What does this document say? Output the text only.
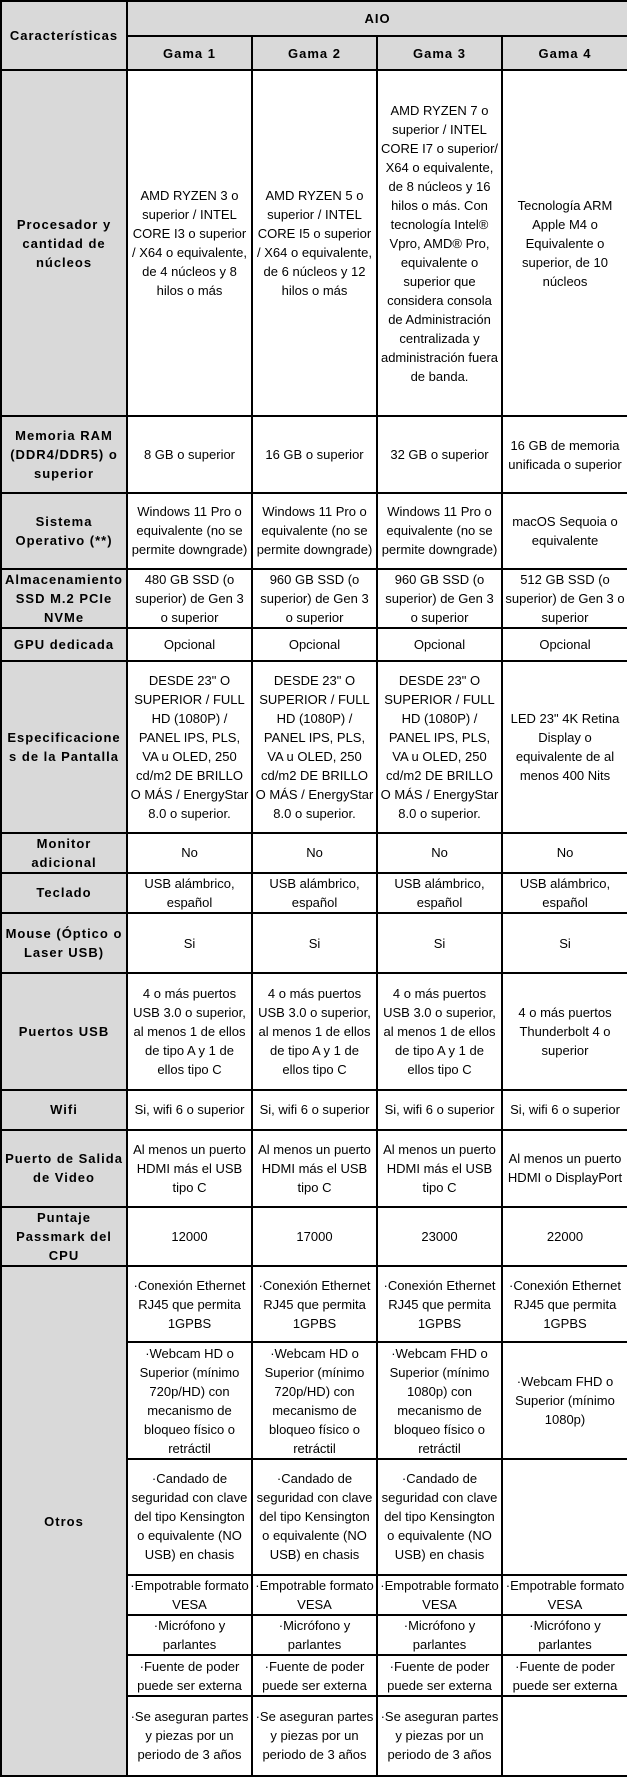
Características	AIO			
	Gama 1	Gama 2	Gama 3	Gama 4
Procesador y cantidad de núcleos	AMD RYZEN 3 o superior / INTEL CORE I3 o superior / X64 o equivalente, de 4 núcleos y 8 hilos o más	AMD RYZEN 5 o superior / INTEL CORE I5 o superior / X64 o equivalente, de 6 núcleos y 12 hilos o más	AMD RYZEN 7 o superior / INTEL CORE I7 o superior/ X64 o equivalente, de 8 núcleos y 16 hilos o más. Con tecnología Intel® Vpro, AMD® Pro, equivalente o superior que considera consola de Administración centralizada y administración fuera de banda.	Tecnología ARM Apple M4 o Equivalente o superior, de 10 núcleos
Memoria RAM (DDR4/DDR5) o superior	8 GB o superior	16 GB o superior	32 GB o superior	16 GB de memoria unificada o superior
Sistema Operativo (**)	Windows 11 Pro o equivalente (no se permite downgrade)	Windows 11 Pro o equivalente (no se permite downgrade)	Windows 11 Pro o equivalente (no se permite downgrade)	macOS Sequoia o equivalente
Almacenamiento SSD M.2 PCIe NVMe	480 GB SSD (o superior) de Gen 3 o superior	960 GB SSD (o superior) de Gen 3 o superior	960 GB SSD (o superior) de Gen 3 o superior	512 GB SSD (o superior) de Gen 3 o superior
GPU dedicada	Opcional	Opcional	Opcional	Opcional
Especificaciones de la Pantalla	DESDE 23" O SUPERIOR / FULL HD (1080P) / PANEL IPS, PLS, VA u OLED, 250 cd/m2 DE BRILLO O MÁS / EnergyStar 8.0 o superior.	DESDE 23" O SUPERIOR / FULL HD (1080P) / PANEL IPS, PLS, VA u OLED, 250 cd/m2 DE BRILLO O MÁS / EnergyStar 8.0 o superior.	DESDE 23" O SUPERIOR / FULL HD (1080P) / PANEL IPS, PLS, VA u OLED, 250 cd/m2 DE BRILLO O MÁS / EnergyStar 8.0 o superior.	LED 23" 4K Retina Display o equivalente de al menos 400 Nits
Monitor adicional	No	No	No	No
Teclado	USB alámbrico, español	USB alámbrico, español	USB alámbrico, español	USB alámbrico, español
Mouse (Óptico o Laser USB)	Si	Si	Si	Si
Puertos USB	4 o más puertos USB 3.0 o superior, al menos 1 de ellos de tipo A y 1 de ellos tipo C	4 o más puertos USB 3.0 o superior, al menos 1 de ellos de tipo A y 1 de ellos tipo C	4 o más puertos USB 3.0 o superior, al menos 1 de ellos de tipo A y 1 de ellos tipo C	4 o más puertos Thunderbolt 4 o superior
Wifi	Si, wifi 6 o superior	Si, wifi 6 o superior	Si, wifi 6 o superior	Si, wifi 6 o superior
Puerto de Salida de Video	Al menos un puerto HDMI más el USB tipo C	Al menos un puerto HDMI más el USB tipo C	Al menos un puerto HDMI más el USB tipo C	Al menos un puerto HDMI o DisplayPort
Puntaje Passmark del CPU	12000	17000	23000	22000
Otros	·Conexión Ethernet RJ45 que permita 1GPBS	·Conexión Ethernet RJ45 que permita 1GPBS	·Conexión Ethernet RJ45 que permita 1GPBS	·Conexión Ethernet RJ45 que permita 1GPBS
	·Webcam HD o Superior (mínimo 720p/HD) con mecanismo de bloqueo físico o retráctil	·Webcam HD o Superior (mínimo 720p/HD) con mecanismo de bloqueo físico o retráctil	·Webcam FHD o Superior (mínimo 1080p) con mecanismo de bloqueo físico o retráctil	·Webcam FHD o Superior (mínimo 1080p)
	·Candado de seguridad con clave del tipo Kensington o equivalente (NO USB) en chasis	·Candado de seguridad con clave del tipo Kensington o equivalente (NO USB) en chasis	·Candado de seguridad con clave del tipo Kensington o equivalente (NO USB) en chasis	
	·Empotrable formato VESA	·Empotrable formato VESA	·Empotrable formato VESA	·Empotrable formato VESA
	·Micrófono y parlantes	·Micrófono y parlantes	·Micrófono y parlantes	·Micrófono y parlantes
	·Fuente de poder puede ser externa	·Fuente de poder puede ser externa	·Fuente de poder puede ser externa	·Fuente de poder puede ser externa
	·Se aseguran partes y piezas por un periodo de 3 años	·Se aseguran partes y piezas por un periodo de 3 años	·Se aseguran partes y piezas por un periodo de 3 años	
